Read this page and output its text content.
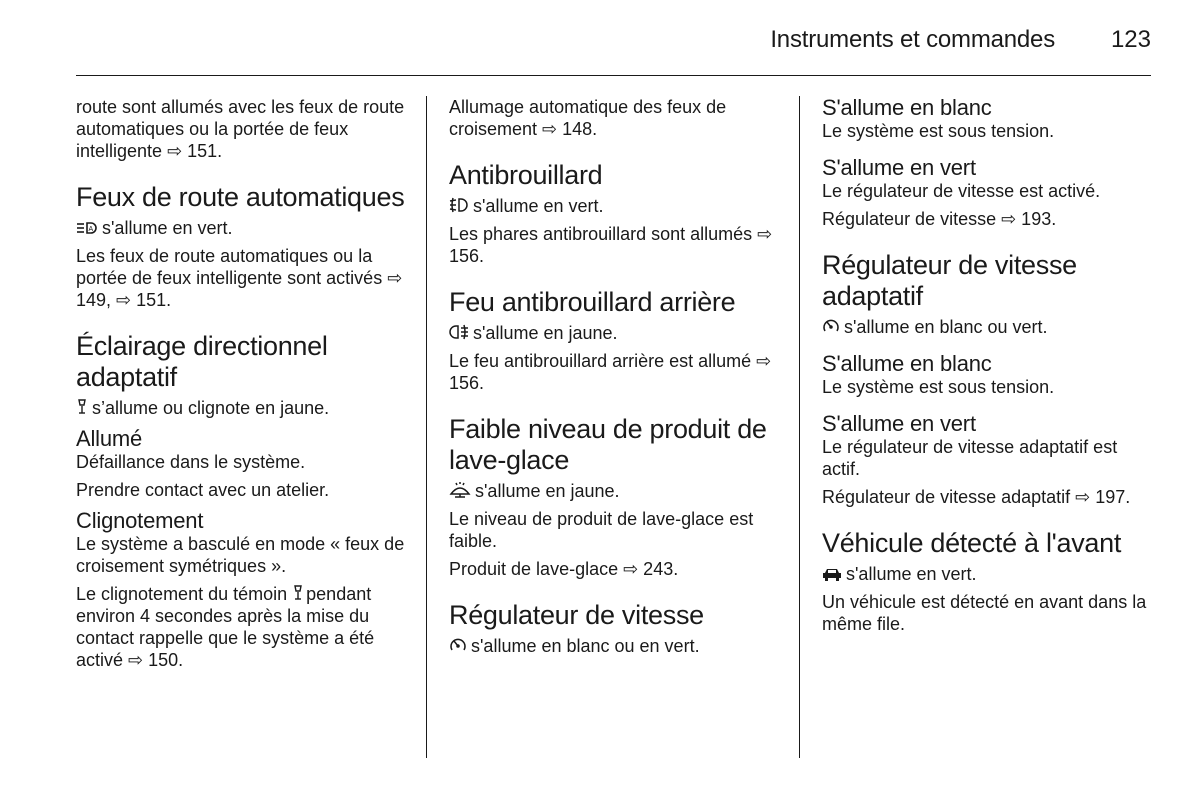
Instruments et commandes 123

route sont allumés avec les feux de route automatiques ou la portée de feux intelligente ⇨ 151.

Feux de route automatiques

A s'allume en vert.

Les feux de route automatiques ou la portée de feux intelligente sont activés ⇨ 149, ⇨ 151.

Éclairage directionnel adaptatif

s’allume ou clignote en jaune.

Allumé

Défaillance dans le système.

Prendre contact avec un atelier.

Clignotement

Le système a basculé en mode « feux de croisement symétriques ».

Le clignotement du témoin pendant environ 4 secondes après la mise du contact rappelle que le système a été activé ⇨ 150.

Allumage automatique des feux de croisement ⇨ 148.

Antibrouillard

s'allume en vert.

Les phares antibrouillard sont allumés ⇨ 156.

Feu antibrouillard arrière

s'allume en jaune.

Le feu antibrouillard arrière est allumé ⇨ 156.

Faible niveau de produit de lave-glace

s'allume en jaune.

Le niveau de produit de lave-glace est faible.

Produit de lave-glace ⇨ 243.

Régulateur de vitesse

s'allume en blanc ou en vert.

S'allume en blanc

Le système est sous tension.

S'allume en vert

Le régulateur de vitesse est activé.

Régulateur de vitesse ⇨ 193.

Régulateur de vitesse adaptatif

s'allume en blanc ou vert.

S'allume en blanc

Le système est sous tension.

S'allume en vert

Le régulateur de vitesse adaptatif est actif.

Régulateur de vitesse adaptatif ⇨ 197.

Véhicule détecté à l'avant

s'allume en vert.

Un véhicule est détecté en avant dans la même file.
